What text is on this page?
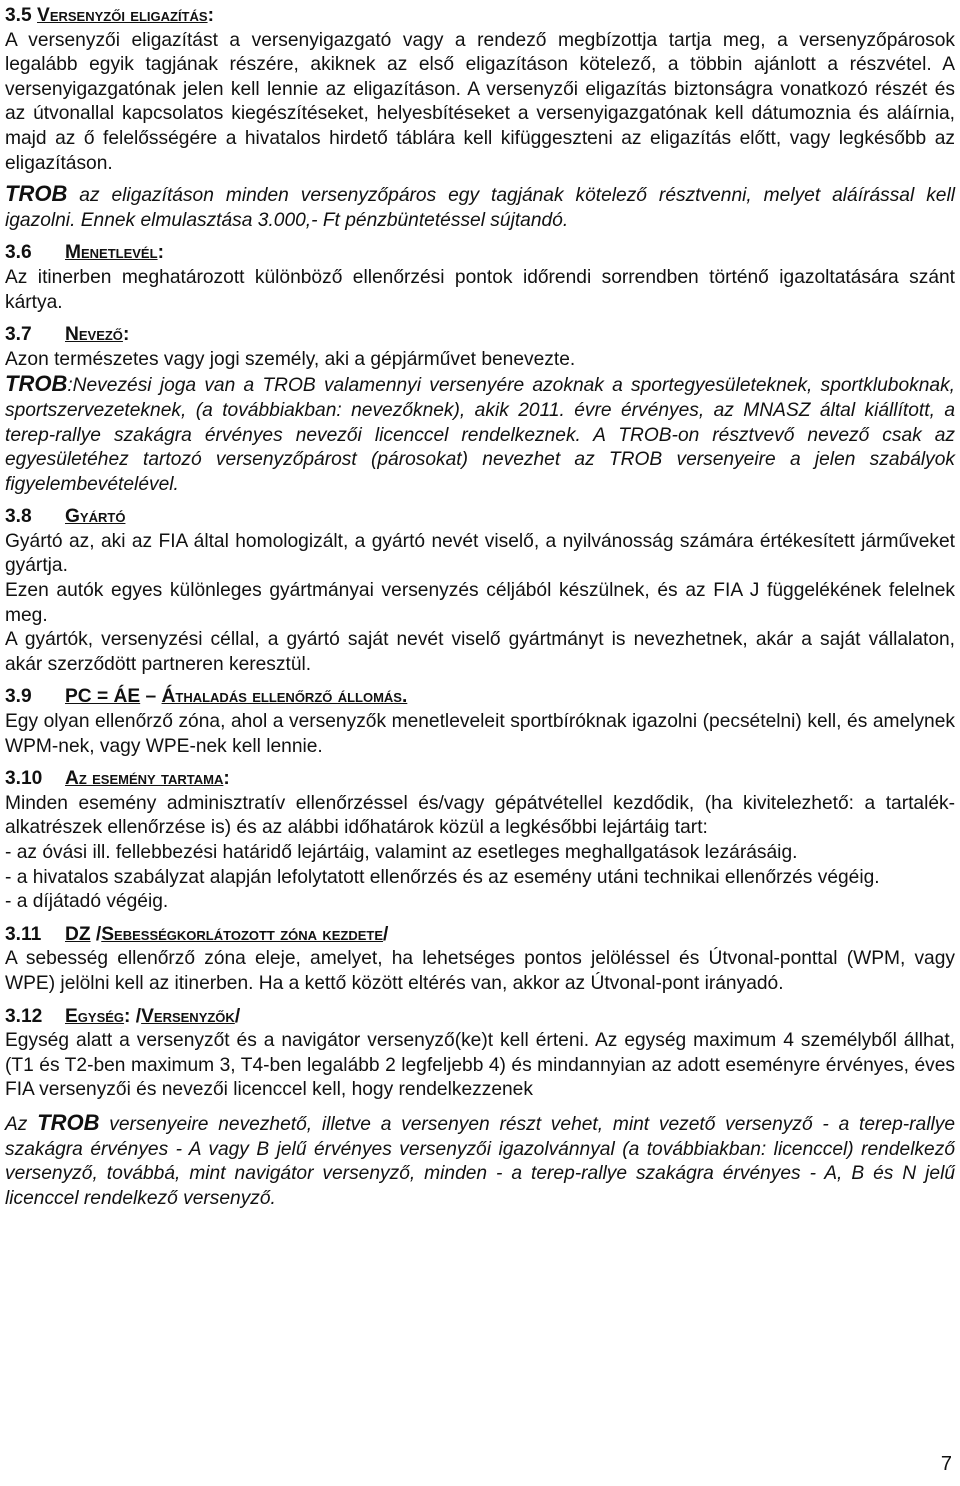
3.5 Versenyzői eligazítás:

A versenyzői eligazítást a versenyigazgató vagy a rendező megbízottja tartja meg, a versenyzőpárosok legalább egyik tagjának részére, akiknek az első eligazításon kötelező, a többin ajánlott a részvétel. A versenyigazgatónak jelen kell lennie az eligazításon. A versenyzői eligazítás biztonságra vonatkozó részét és az útvonallal kapcsolatos kiegészítéseket, helyesbítéseket a versenyigazgatónak kell dátumoznia és aláírnia, majd az ő felelősségére a hivatalos hirdető táblára kell kifüggeszteni az eligazítás előtt, vagy legkésőbb az eligazításon.

TROB az eligazításon minden versenyzőpáros egy tagjának kötelező résztvenni, melyet aláírással kell igazolni. Ennek elmulasztása 3.000,- Ft pénzbüntetéssel sújtandó.

3.6 Menetlevél:

Az itinerben meghatározott különböző ellenőrzési pontok időrendi sorrendben történő igazoltatására szánt kártya.

3.7 Nevező:

Azon természetes vagy jogi személy, aki a gépjárművet benevezte.

TROB:Nevezési joga van a TROB valamennyi versenyére azoknak a sportegyesületeknek, sportkluboknak, sportszervezeteknek, (a továbbiakban: nevezőknek), akik 2011. évre érvényes, az MNASZ által kiállított, a terep-rallye szakágra érvényes nevezői licenccel rendelkeznek. A TROB-on résztvevő nevező csak az egyesületéhez tartozó versenyzőpárost (párosokat) nevezhet az TROB versenyeire a jelen szabályok figyelembevételével.

3.8 Gyártó

Gyártó az, aki az FIA által homologizált, a gyártó nevét viselő, a nyilvánosság számára értékesített járműveket gyártja.

Ezen autók egyes különleges gyártmányai versenyzés céljából készülnek, és az FIA J függelékének felelnek meg.

A gyártók, versenyzési céllal, a gyártó saját nevét viselő gyártmányt is nevezhetnek, akár a saját vállalaton, akár szerződött partneren keresztül.

3.9 PC = ÁE – Áthaladás ellenőrző állomás.

Egy olyan ellenőrző zóna, ahol a versenyzők menetleveleit sportbíróknak igazolni (pecsételni) kell, és amelynek WPM-nek, vagy WPE-nek kell lennie.

3.10 Az esemény tartama:

Minden esemény adminisztratív ellenőrzéssel és/vagy gépátvétellel kezdődik, (ha kivitelezhető: a tartalék-alkatrészek ellenőrzése is) és az alábbi időhatárok közül a legkésőbbi lejártáig tart:

- az óvási ill. fellebbezési határidő lejártáig, valamint az esetleges meghallgatások lezárásáig.

- a hivatalos szabályzat alapján lefolytatott ellenőrzés és az esemény utáni technikai ellenőrzés végéig.

- a díjátadó végéig.

3.11 DZ /Sebességkorlátozott zóna kezdete/

A sebesség ellenőrző zóna eleje, amelyet, ha lehetséges pontos jelöléssel és Útvonal-ponttal (WPM, vagy WPE) jelölni kell az itinerben. Ha a kettő között eltérés van, akkor az Útvonal-pont irányadó.

3.12 Egység: /Versenyzők/

Egység alatt a versenyzőt és a navigátor versenyző(ke)t kell érteni. Az egység maximum 4 személyből állhat, (T1 és T2-ben maximum 3, T4-ben legalább 2 legfeljebb 4) és mindannyian az adott eseményre érvényes, éves FIA versenyzői és nevezői licenccel kell, hogy rendelkezzenek

Az TROB versenyeire nevezhető, illetve a versenyen részt vehet, mint vezető versenyző - a terep-rallye szakágra érvényes - A vagy B jelű érvényes versenyzői igazolvánnyal (a továbbiakban: licenccel) rendelkező versenyző, továbbá, mint navigátor versenyző, minden - a terep-rallye szakágra érvényes - A, B és N jelű licenccel rendelkező versenyző.

7
